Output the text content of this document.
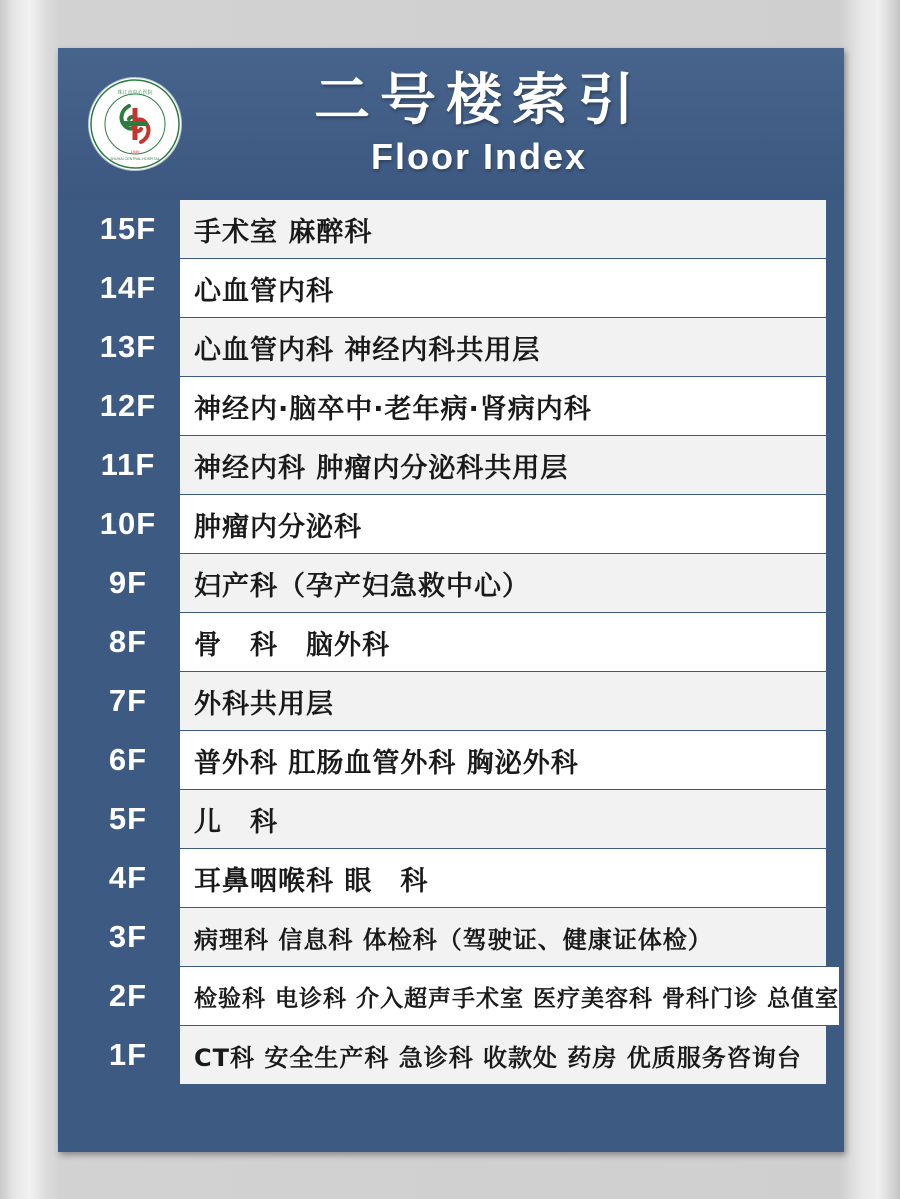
珠江市中心医院
ZHUHAI CENTRAL HOSPITAL
1949
二号楼索引
Floor Index
15F	手术室 麻醉科
14F	心血管内科
13F	心血管内科 神经内科共用层
12F	神经内·脑卒中·老年病·肾病内科
11F	神经内科 肿瘤内分泌科共用层
10F	肿瘤内分泌科
9F	妇产科（孕产妇急救中心）
8F	骨　科　脑外科
7F	外科共用层
6F	普外科 肛肠血管外科 胸泌外科
5F	儿　科
4F	耳鼻咽喉科 眼　科
3F	病理科 信息科 体检科（驾驶证、健康证体检）
2F	检验科 电诊科 介入超声手术室 医疗美容科 骨科门诊 总值室
1F	CT科 安全生产科 急诊科 收款处 药房 优质服务咨询台
